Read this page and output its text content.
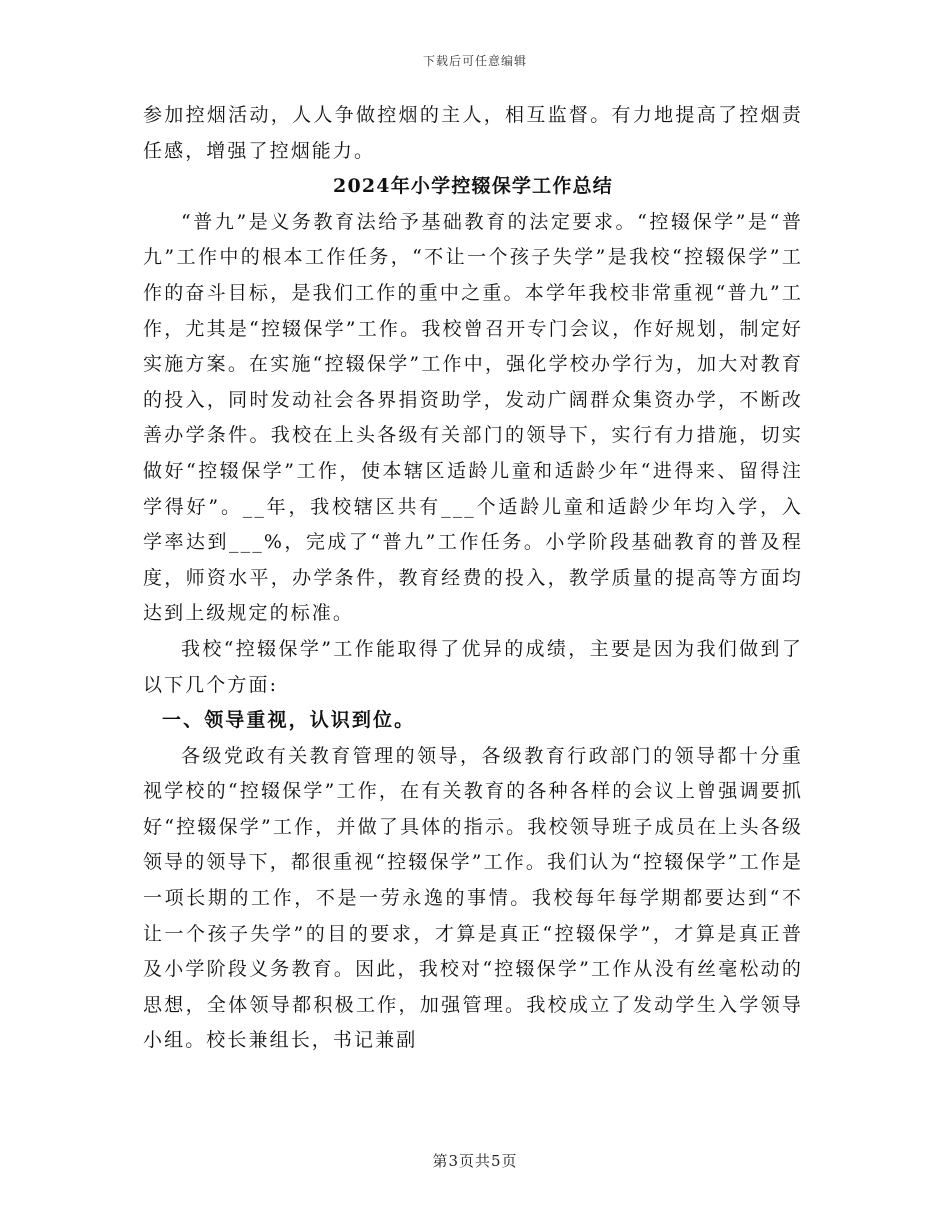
下载后可任意编辑

参加控烟活动，人人争做控烟的主人，相互监督。有力地提高了控烟责任感，增强了控烟能力。

2024年小学控辍保学工作总结

“普九”是义务教育法给予基础教育的法定要求。“控辍保学”是“普九”工作中的根本工作任务，“不让一个孩子失学”是我校“控辍保学”工作的奋斗目标，是我们工作的重中之重。本学年我校非常重视“普九”工作，尤其是“控辍保学”工作。我校曾召开专门会议，作好规划，制定好实施方案。在实施“控辍保学”工作中，强化学校办学行为，加大对教育的投入，同时发动社会各界捐资助学，发动广阔群众集资办学，不断改善办学条件。我校在上头各级有关部门的领导下，实行有力措施，切实做好“控辍保学”工作，使本辖区适龄儿童和适龄少年“进得来、留得注学得好”。__年，我校辖区共有___个适龄儿童和适龄少年均入学，入学率达到___%，完成了“普九”工作任务。小学阶段基础教育的普及程度，师资水平，办学条件，教育经费的投入，教学质量的提高等方面均达到上级规定的标准。

我校“控辍保学”工作能取得了优异的成绩，主要是因为我们做到了以下几个方面:

一、领导重视，认识到位。

各级党政有关教育管理的领导，各级教育行政部门的领导都十分重视学校的“控辍保学”工作，在有关教育的各种各样的会议上曾强调要抓好“控辍保学”工作，并做了具体的指示。我校领导班子成员在上头各级领导的领导下，都很重视“控辍保学”工作。我们认为“控辍保学”工作是一项长期的工作，不是一劳永逸的事情。我校每年每学期都要达到“不让一个孩子失学”的目的要求，才算是真正“控辍保学”，才算是真正普及小学阶段义务教育。因此，我校对“控辍保学”工作从没有丝毫松动的思想，全体领导都积极工作，加强管理。我校成立了发动学生入学领导小组。校长兼组长，书记兼副

第3页共5页
